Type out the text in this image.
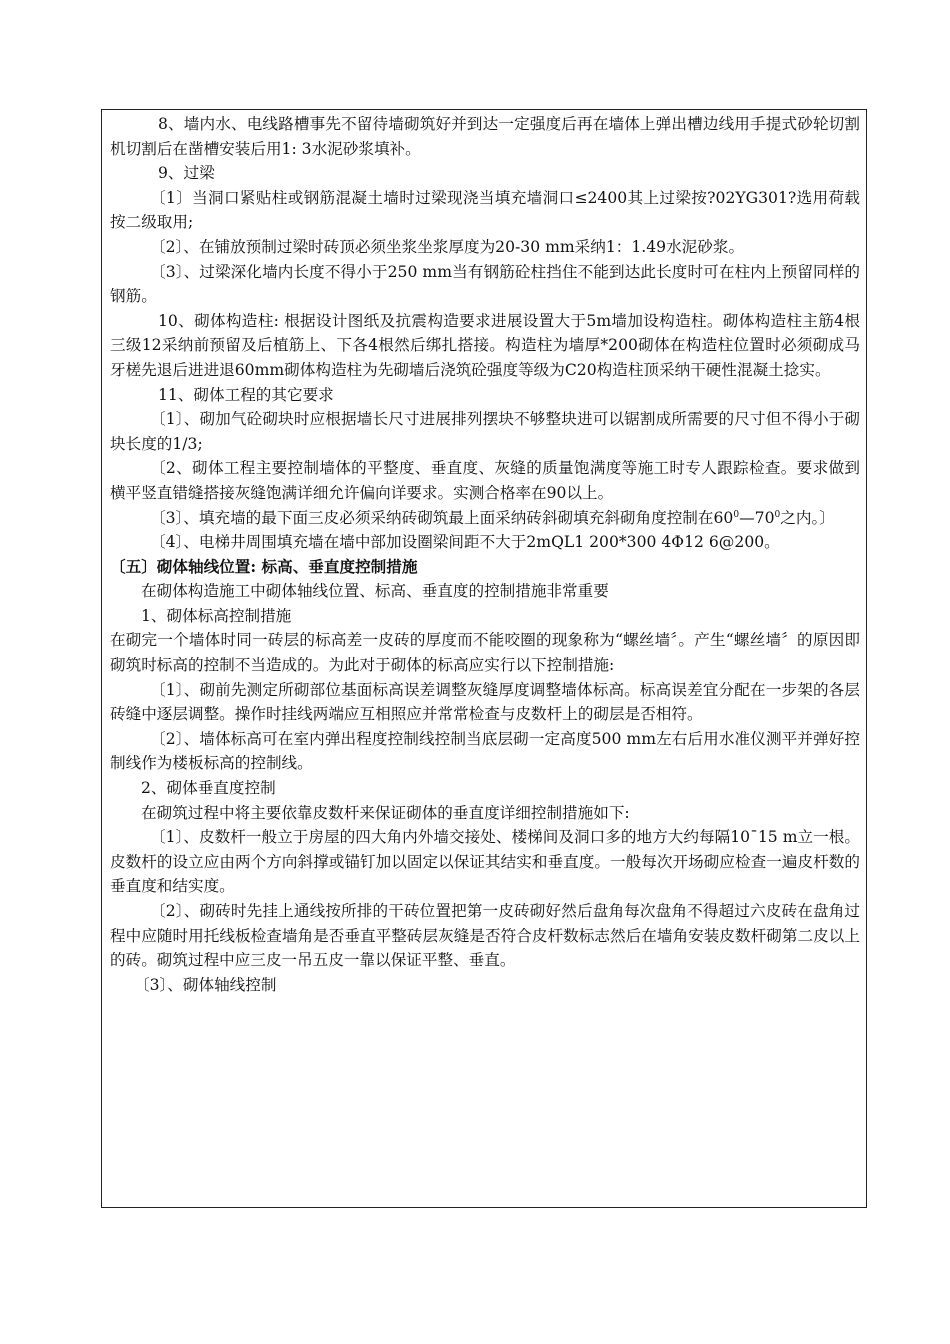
8、墙内水、电线路槽事先不留待墙砌筑好并到达一定强度后再在墙体上弹出槽边线用手提式砂轮切割机切割后在凿槽安装后用1: 3水泥砂浆填补。

9、过梁

〔1〕当洞口紧贴柱或钢筋混凝土墙时过梁现浇当填充墙洞口≤2400其上过梁按?02YG301?选用荷载按二级取用;

〔2〕、在铺放预制过梁时砖顶必须坐浆坐浆厚度为20-30 mm采纳1：1.49水泥砂浆。

〔3〕、过梁深化墙内长度不得小于250 mm当有钢筋砼柱挡住不能到达此长度时可在柱内上预留同样的钢筋。

10、砌体构造柱: 根据设计图纸及抗震构造要求进展设置大于5m墙加设构造柱。砌体构造柱主筋4根三级12采纳前预留及后植筋上、下各4根然后绑扎搭接。构造柱为墙厚*200砌体在构造柱位置时必须砌成马牙槎先退后进进退60mm砌体构造柱为先砌墙后浇筑砼强度等级为C20构造柱顶采纳干硬性混凝土捻实。

11、砌体工程的其它要求

〔1〕、砌加气砼砌块时应根据墙长尺寸进展排列摆块不够整块进可以锯割成所需要的尺寸但不得小于砌块长度的1/3;

〔2、砌体工程主要控制墙体的平整度、垂直度、灰缝的质量饱满度等施工时专人跟踪检查。要求做到横平竖直错缝搭接灰缝饱满详细允许偏向详要求。实测合格率在90以上。

〔3〕、填充墙的最下面三皮必须采纳砖砌筑最上面采纳砖斜砌填充斜砌角度控制在$60^0—70^0$之内。〕

〔4〕、电梯井周围填充墙在墙中部加设圈梁间距不大于2mQL1 200*300 4Φ12 6@200。

〔五〕砌体轴线位置: 标高、垂直度控制措施

在砌体构造施工中砌体轴线位置、标高、垂直度的控制措施非常重要

1、砌体标高控制措施

在砌完一个墙体时同一砖层的标高差一皮砖的厚度而不能咬圈的现象称为“螺丝墙〞。产生“螺丝墙〞的原因即砌筑时标高的控制不当造成的。为此对于砌体的标高应实行以下控制措施:

〔1〕、砌前先测定所砌部位基面标高误差调整灰缝厚度调整墙体标高。标高误差宜分配在一步架的各层砖缝中逐层调整。操作时挂线两端应互相照应并常常检查与皮数杆上的砌层是否相符。

〔2〕、墙体标高可在室内弹出程度控制线控制当底层砌一定高度500 mm左右后用水准仪测平并弹好控制线作为楼板标高的控制线。

2、砌体垂直度控制

在砌筑过程中将主要依靠皮数杆来保证砌体的垂直度详细控制措施如下:

〔1〕、皮数杆一般立于房屋的四大角内外墙交接处、楼梯间及洞口多的地方大约每隔10¯15 m立一根。皮数杆的设立应由两个方向斜撑或锚钉加以固定以保证其结实和垂直度。一般每次开场砌应检查一遍皮杆数的垂直度和结实度。

〔2〕、砌砖时先挂上通线按所排的干砖位置把第一皮砖砌好然后盘角每次盘角不得超过六皮砖在盘角过程中应随时用托线板检查墙角是否垂直平整砖层灰缝是否符合皮杆数标志然后在墙角安装皮数杆砌第二皮以上的砖。砌筑过程中应三皮一吊五皮一靠以保证平整、垂直。

〔3〕、砌体轴线控制
